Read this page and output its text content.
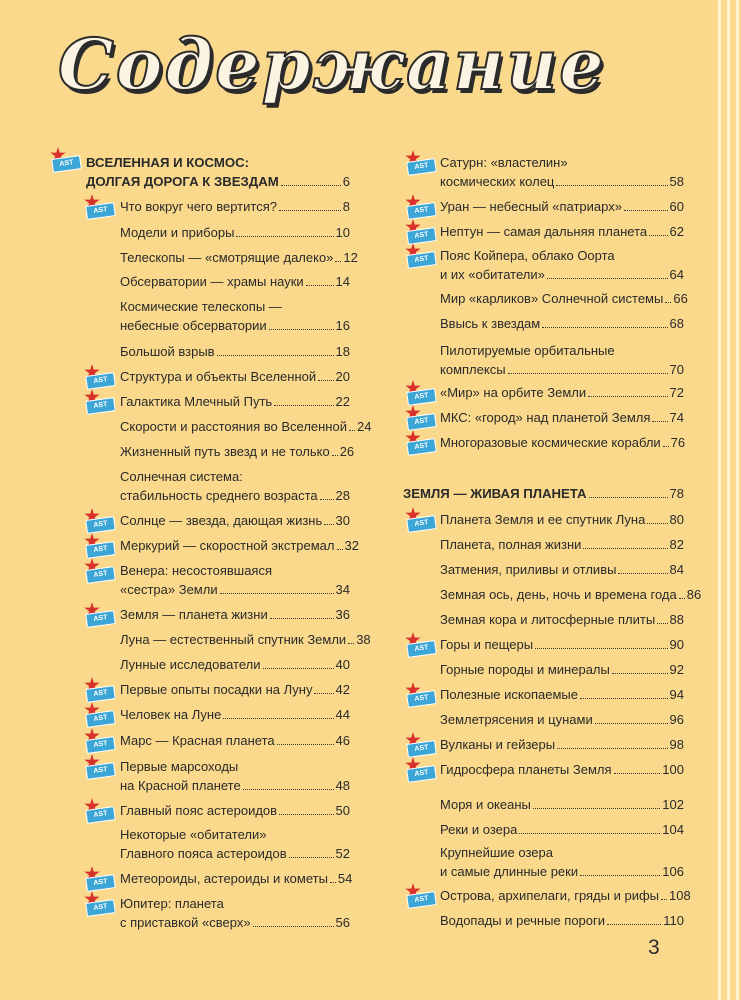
Содержание
AST ВСЕЛЕННАЯ И КОСМОС:
ДОЛГАЯ ДОРОГА К ЗВЕЗДАМ	6
AST Что вокруг чего вертится?	8
Модели и приборы	10
Телескопы — «смотрящие далеко» 12
Обсерватории — храмы науки 14
Космические телескопы —
небесные обсерватории	16
Большой взрыв	18
AST Структура и объекты Вселенной 20
AST Галактика Млечный Путь	22
Скорости и расстояния во Вселенной 24
Жизненный путь звезд и не только 26
Солнечная система:
стабильность среднего возраста 28
AST Солнце — звезда, дающая жизнь 30
AST Меркурий — скоростной экстремал 32
AST Венера: несостоявшаяся
«сестра» Земли	34
AST Земля — планета жизни	36
Луна — естественный спутник Земли 38
Лунные исследователи	40
AST Первые опыты посадки на Луну 42
AST Человек на Луне	44
AST Марс — Красная планета	46
AST Первые марсоходы
на Красной планете	48
AST Главный пояс астероидов	50
Некоторые «обитатели»
Главного пояса астероидов	52
AST Метеороиды, астероиды и кометы 54
AST Юпитер: планета
с приставкой «сверх»	56
AST Сатурн: «властелин»
космических колец	58
AST Уран — небесный «патриарх»	60
AST Нептун — самая дальняя планета 62
AST Пояс Койпера, облако Оорта
и их «обитатели»	64
Мир «карликов» Солнечной системы 66
Ввысь к звездам	68
Пилотируемые орбитальные
комплексы	70
AST «Мир» на орбите Земли	72
AST МКС: «город» над планетой Земля 74
AST Многоразовые космические корабли 76
ЗЕМЛЯ — ЖИВАЯ ПЛАНЕТА	78
AST Планета Земля и ее спутник Луна 80
Планета, полная жизни	82
Затмения, приливы и отливы	84
Земная ось, день, ночь и времена года 86
Земная кора и литосферные плиты 88
AST Горы и пещеры	90
Горные породы и минералы	92
AST Полезные ископаемые	94
Землетрясения и цунами	96
AST Вулканы и гейзеры	98
AST Гидросфера планеты Земля	100
Моря и океаны	102
Реки и озера	104
Крупнейшие озера
и самые длинные реки	106
AST Острова, архипелаги, гряды и рифы 108
Водопады и речные пороги	110
3
